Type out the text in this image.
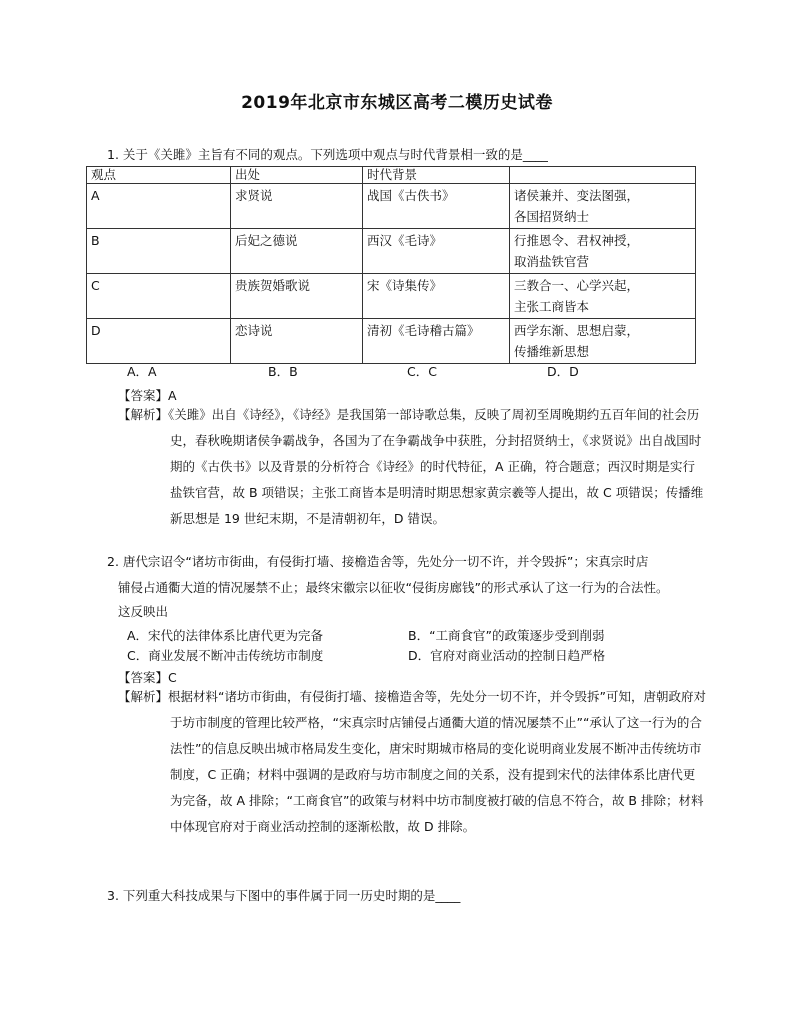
2019年北京市东城区高考二模历史试卷
1. 关于《关雎》主旨有不同的观点。下列选项中观点与时代背景相一致的是____
观点	出处	时代背景	
A	求贤说	战国《古佚书》	诸侯兼并、变法图强，
各国招贤纳士

B	后妃之德说	西汉《毛诗》	行推恩令、君权神授，
取消盐铁官营

C	贵族贺婚歌说	宋《诗集传》	三教合一、心学兴起，
主张工商皆本

D	恋诗说	清初《毛诗稽古篇》	西学东渐、思想启蒙，
传播维新思想
A．A	B．B	C．C	D．D
【答案】A
【解析】《关雎》出自《诗经》，《诗经》是我国第一部诗歌总集，反映了周初至周晚期约五百年间的社会历史，春秋晚期诸侯争霸战争，各国为了在争霸战争中获胜，分封招贤纳士，《求贤说》出自战国时期的《古佚书》以及背景的分析符合《诗经》的时代特征，A 正确，符合题意；西汉时期是实行盐铁官营，故 B 项错误；主张工商皆本是明清时期思想家黄宗羲等人提出，故 C 项错误；传播维新思想是 19 世纪末期，不是清朝初年，D 错误。
2. 唐代宗诏令“诸坊市街曲，有侵街打墙、接檐造舍等，先处分一切不许，并令毁拆”；宋真宗时店
铺侵占通衢大道的情况屡禁不止；最终宋徽宗以征收“侵街房廊钱”的形式承认了这一行为的合法性。
这反映出
A．宋代的法律体系比唐代更为完备	B．“工商食官”的政策逐步受到削弱
C．商业发展不断冲击传统坊市制度	D．官府对商业活动的控制日趋严格
【答案】C
【解析】根据材料“诸坊市街曲，有侵街打墙、接檐造舍等，先处分一切不许，并令毁拆”可知，唐朝政府对于坊市制度的管理比较严格，“宋真宗时店铺侵占通衢大道的情况屡禁不止”“承认了这一行为的合法性”的信息反映出城市格局发生变化，唐宋时期城市格局的变化说明商业发展不断冲击传统坊市制度，C 正确；材料中强调的是政府与坊市制度之间的关系，没有提到宋代的法律体系比唐代更为完备，故 A 排除；“工商食官”的政策与材料中坊市制度被打破的信息不符合，故 B 排除；材料中体现官府对于商业活动控制的逐渐松散，故 D 排除。
3. 下列重大科技成果与下图中的事件属于同一历史时期的是____
